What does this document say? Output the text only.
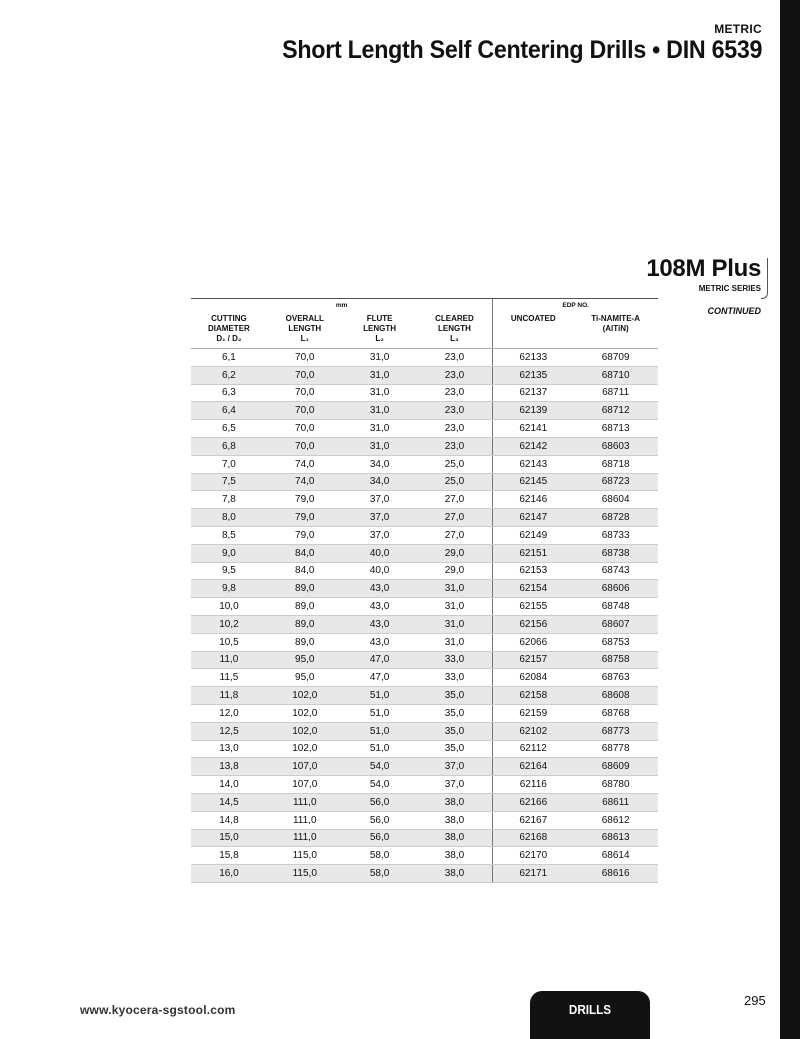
METRIC
Short Length Self Centering Drills • DIN 6539
108M Plus
METRIC SERIES
CONTINUED
mm	EDP NO.
CUTTING
DIAMETER
D₁ / D₂
OVERALL
LENGTH
L₁
FLUTE
LENGTH
L₂
CLEARED
LENGTH
L₃
UNCOATED	Ti-NAMITE-A
(AlTiN)
6,1	70,0	31,0	23,0	62133	68709
6,2	70,0	31,0	23,0	62135	68710
6,3	70,0	31,0	23,0	62137	68711
6,4	70,0	31,0	23,0	62139	68712
6,5	70,0	31,0	23,0	62141	68713
6,8	70,0	31,0	23,0	62142	68603
7,0	74,0	34,0	25,0	62143	68718
7,5	74,0	34,0	25,0	62145	68723
7,8	79,0	37,0	27,0	62146	68604
8,0	79,0	37,0	27,0	62147	68728
8,5	79,0	37,0	27,0	62149	68733
9,0	84,0	40,0	29,0	62151	68738
9,5	84,0	40,0	29,0	62153	68743
9,8	89,0	43,0	31,0	62154	68606
10,0	89,0	43,0	31,0	62155	68748
10,2	89,0	43,0	31,0	62156	68607
10,5	89,0	43,0	31,0	62066	68753
11,0	95,0	47,0	33,0	62157	68758
11,5	95,0	47,0	33,0	62084	68763
11,8	102,0	51,0	35,0	62158	68608
12,0	102,0	51,0	35,0	62159	68768
12,5	102,0	51,0	35,0	62102	68773
13,0	102,0	51,0	35,0	62112	68778
13,8	107,0	54,0	37,0	62164	68609
14,0	107,0	54,0	37,0	62116	68780
14,5	111,0	56,0	38,0	62166	68611
14,8	111,0	56,0	38,0	62167	68612
15,0	111,0	56,0	38,0	62168	68613
15,8	115,0	58,0	38,0	62170	68614
16,0	115,0	58,0	38,0	62171	68616
www.kyocera-sgstool.com	DRILLS
295
